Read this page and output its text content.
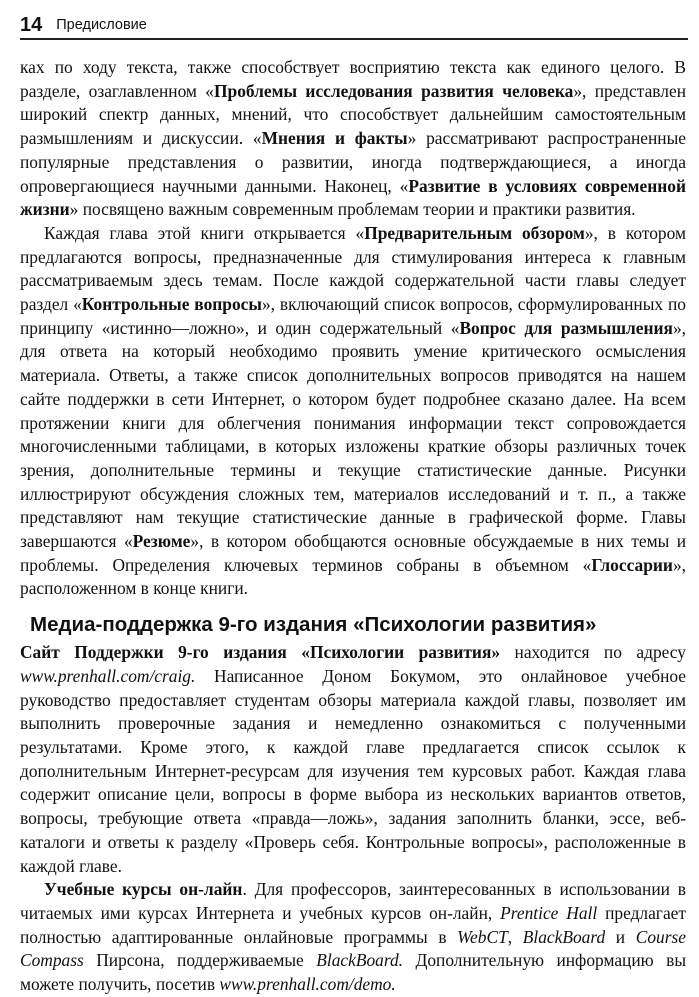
14 Предисловие

ках по ходу текста, также способствует восприятию текста как единого целого. В разделе, озаглавленном «Проблемы исследования развития человека», представлен широкий спектр данных, мнений, что способствует дальнейшим самостоятельным размышлениям и дискуссии. «Мнения и факты» рассматривают распространенные популярные представления о развитии, иногда подтверждающиеся, а иногда опровергающиеся научными данными. Наконец, «Развитие в условиях современной жизни» посвящено важным современным проблемам теории и практики развития.

Каждая глава этой книги открывается «Предварительным обзором», в котором предлагаются вопросы, предназначенные для стимулирования интереса к главным рассматриваемым здесь темам. После каждой содержательной части главы следует раздел «Контрольные вопросы», включающий список вопросов, сформулированных по принципу «истинно—ложно», и один содержательный «Вопрос для размышления», для ответа на который необходимо проявить умение критического осмысления материала. Ответы, а также список дополнительных вопросов приводятся на нашем сайте поддержки в сети Интернет, о котором будет подробнее сказано далее. На всем протяжении книги для облегчения понимания информации текст сопровождается многочисленными таблицами, в которых изложены краткие обзоры различных точек зрения, дополнительные термины и текущие статистические данные. Рисунки иллюстрируют обсуждения сложных тем, материалов исследований и т. п., а также представляют нам текущие статистические данные в графической форме. Главы завершаются «Резюме», в котором обобщаются основные обсуждаемые в них темы и проблемы. Определения ключевых терминов собраны в объемном «Глоссарии», расположенном в конце книги.

Медиа-поддержка 9-го издания «Психологии развития»

Сайт Поддержки 9-го издания «Психологии развития» находится по адресу www.prenhall.com/craig. Написанное Доном Бокумом, это онлайновое учебное руководство предоставляет студентам обзоры материала каждой главы, позволяет им выполнить проверочные задания и немедленно ознакомиться с полученными результатами. Кроме этого, к каждой главе предлагается список ссылок к дополнительным Интернет-ресурсам для изучения тем курсовых работ. Каждая глава содержит описание цели, вопросы в форме выбора из нескольких вариантов ответов, вопросы, требующие ответа «правда—ложь», задания заполнить бланки, эссе, веб-каталоги и ответы к разделу «Проверь себя. Контрольные вопросы», расположенные в каждой главе.

Учебные курсы он-лайн. Для профессоров, заинтересованных в использовании в читаемых ими курсах Интернета и учебных курсов он-лайн, Prentice Hall предлагает полностью адаптированные онлайновые программы в WebCT, BlackBoard и Course Compass Пирсона, поддерживаемые BlackBoard. Дополнительную информацию вы можете получить, посетив www.prenhall.com/demo.
